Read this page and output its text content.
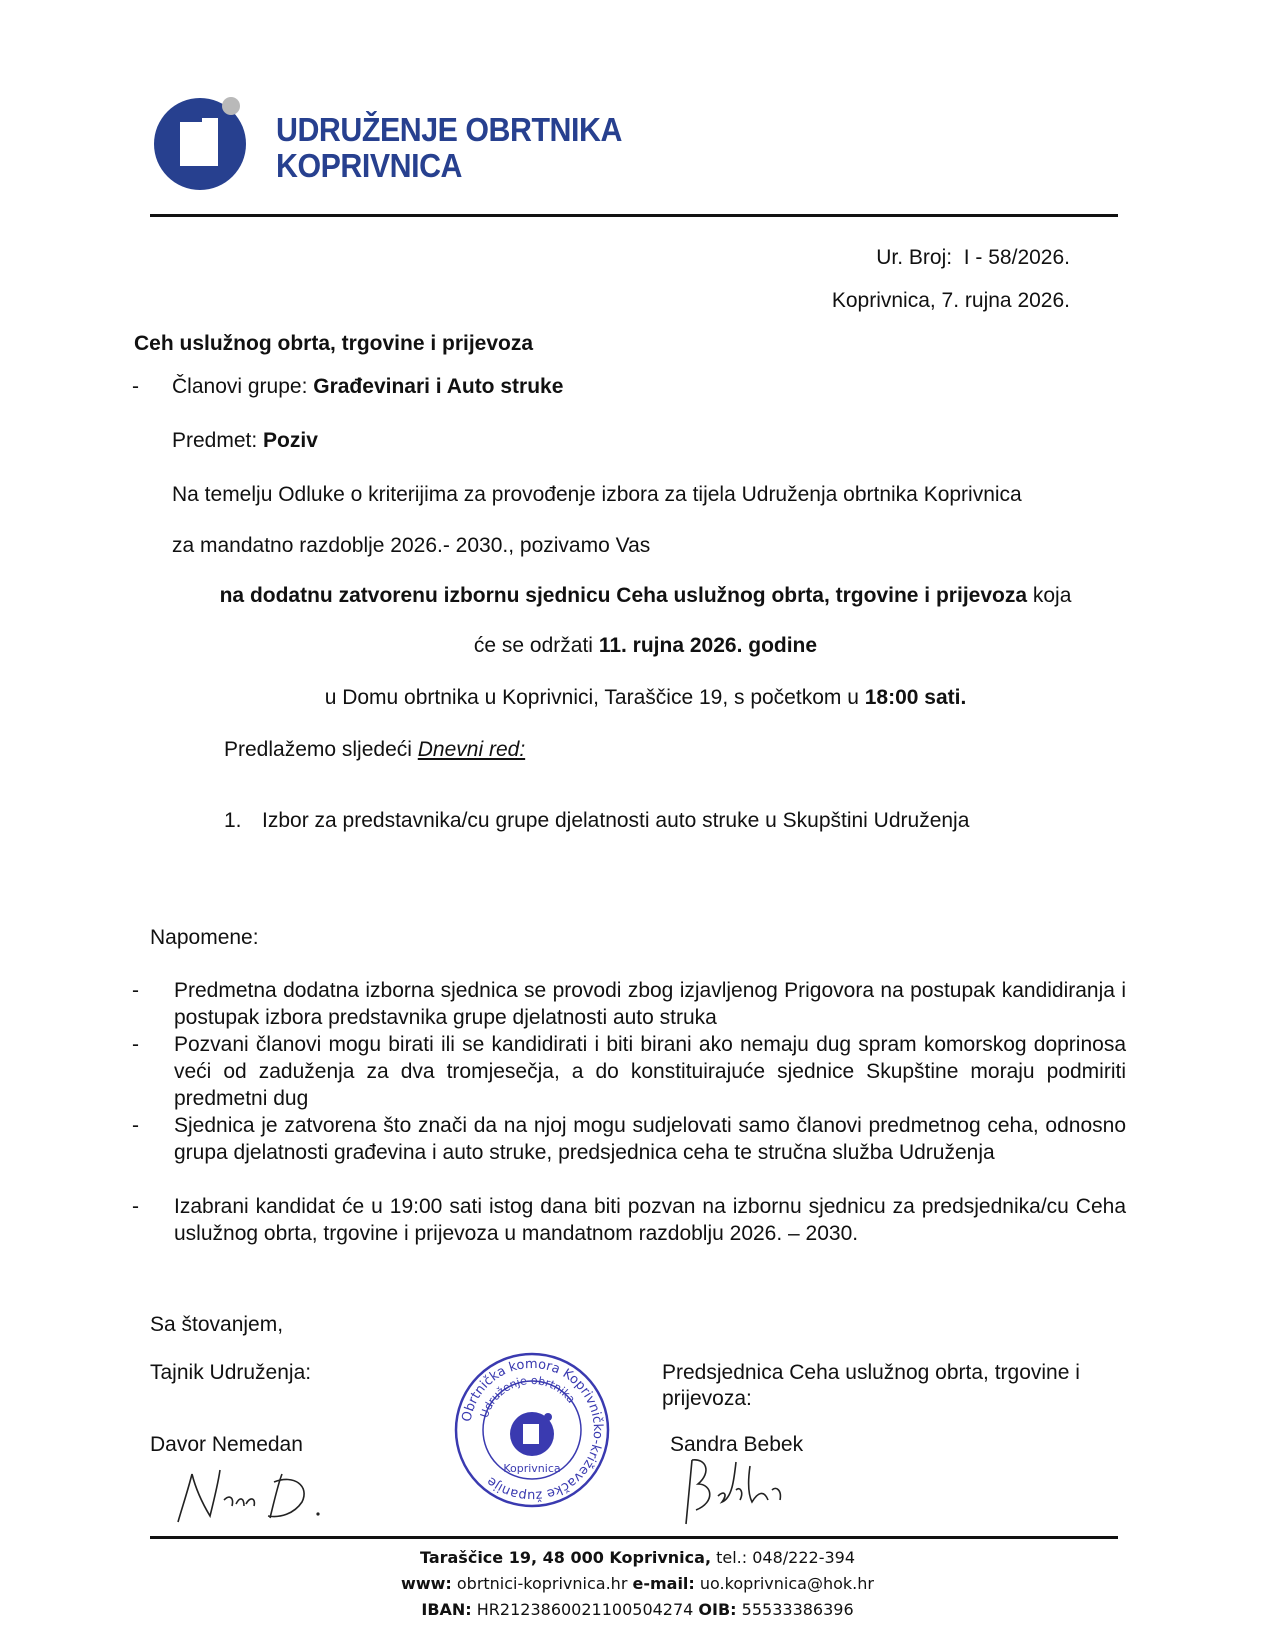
UDRUŽENJE OBRTNIKA
KOPRIVNICA
Ur. Broj: I - 58/2026.
Koprivnica, 7. rujna 2026.
Ceh uslužnog obrta, trgovine i prijevoza
- Članovi grupe: Građevinari i Auto struke
Predmet: Poziv
Na temelju Odluke o kriterijima za provođenje izbora za tijela Udruženja obrtnika Koprivnica
za mandatno razdoblje 2026.- 2030., pozivamo Vas
na dodatnu zatvorenu izbornu sjednicu Ceha uslužnog obrta, trgovine i prijevoza koja
će se održati 11. rujna 2026. godine
u Domu obrtnika u Koprivnici, Taraščice 19, s početkom u 18:00 sati.
Predlažemo sljedeći Dnevni red:
1. Izbor za predstavnika/cu grupe djelatnosti auto struke u Skupštini Udruženja
Napomene:
- Predmetna dodatna izborna sjednica se provodi zbog izjavljenog Prigovora na postupak kandidiranja i postupak izbora predstavnika grupe djelatnosti auto struka
- Pozvani članovi mogu birati ili se kandidirati i biti birani ako nemaju dug spram komorskog doprinosa veći od zaduženja za dva tromjesečja, a do konstituirajuće sjednice Skupštine moraju podmiriti predmetni dug
- Sjednica je zatvorena što znači da na njoj mogu sudjelovati samo članovi predmetnog ceha, odnosno grupa djelatnosti građevina i auto struke, predsjednica ceha te stručna služba Udruženja
- Izabrani kandidat će u 19:00 sati istog dana biti pozvan na izbornu sjednicu za predsjednika/cu Ceha uslužnog obrta, trgovine i prijevoza u mandatnom razdoblju 2026. – 2030.
Sa štovanjem,
Tajnik Udruženja:
Davor Nemedan
Predsjednica Ceha uslužnog obrta, trgovine i
prijevoza:
Sandra Bebek
Obrtnička komora Koprivničko-križevačke županije
Udruženje obrtnika
Koprivnica
Taraščice 19, 48 000 Koprivnica, tel.: 048/222-394
www: obrtnici-koprivnica.hr e-mail: uo.koprivnica@hok.hr
IBAN: HR2123860021100504274 OIB: 55533386396
